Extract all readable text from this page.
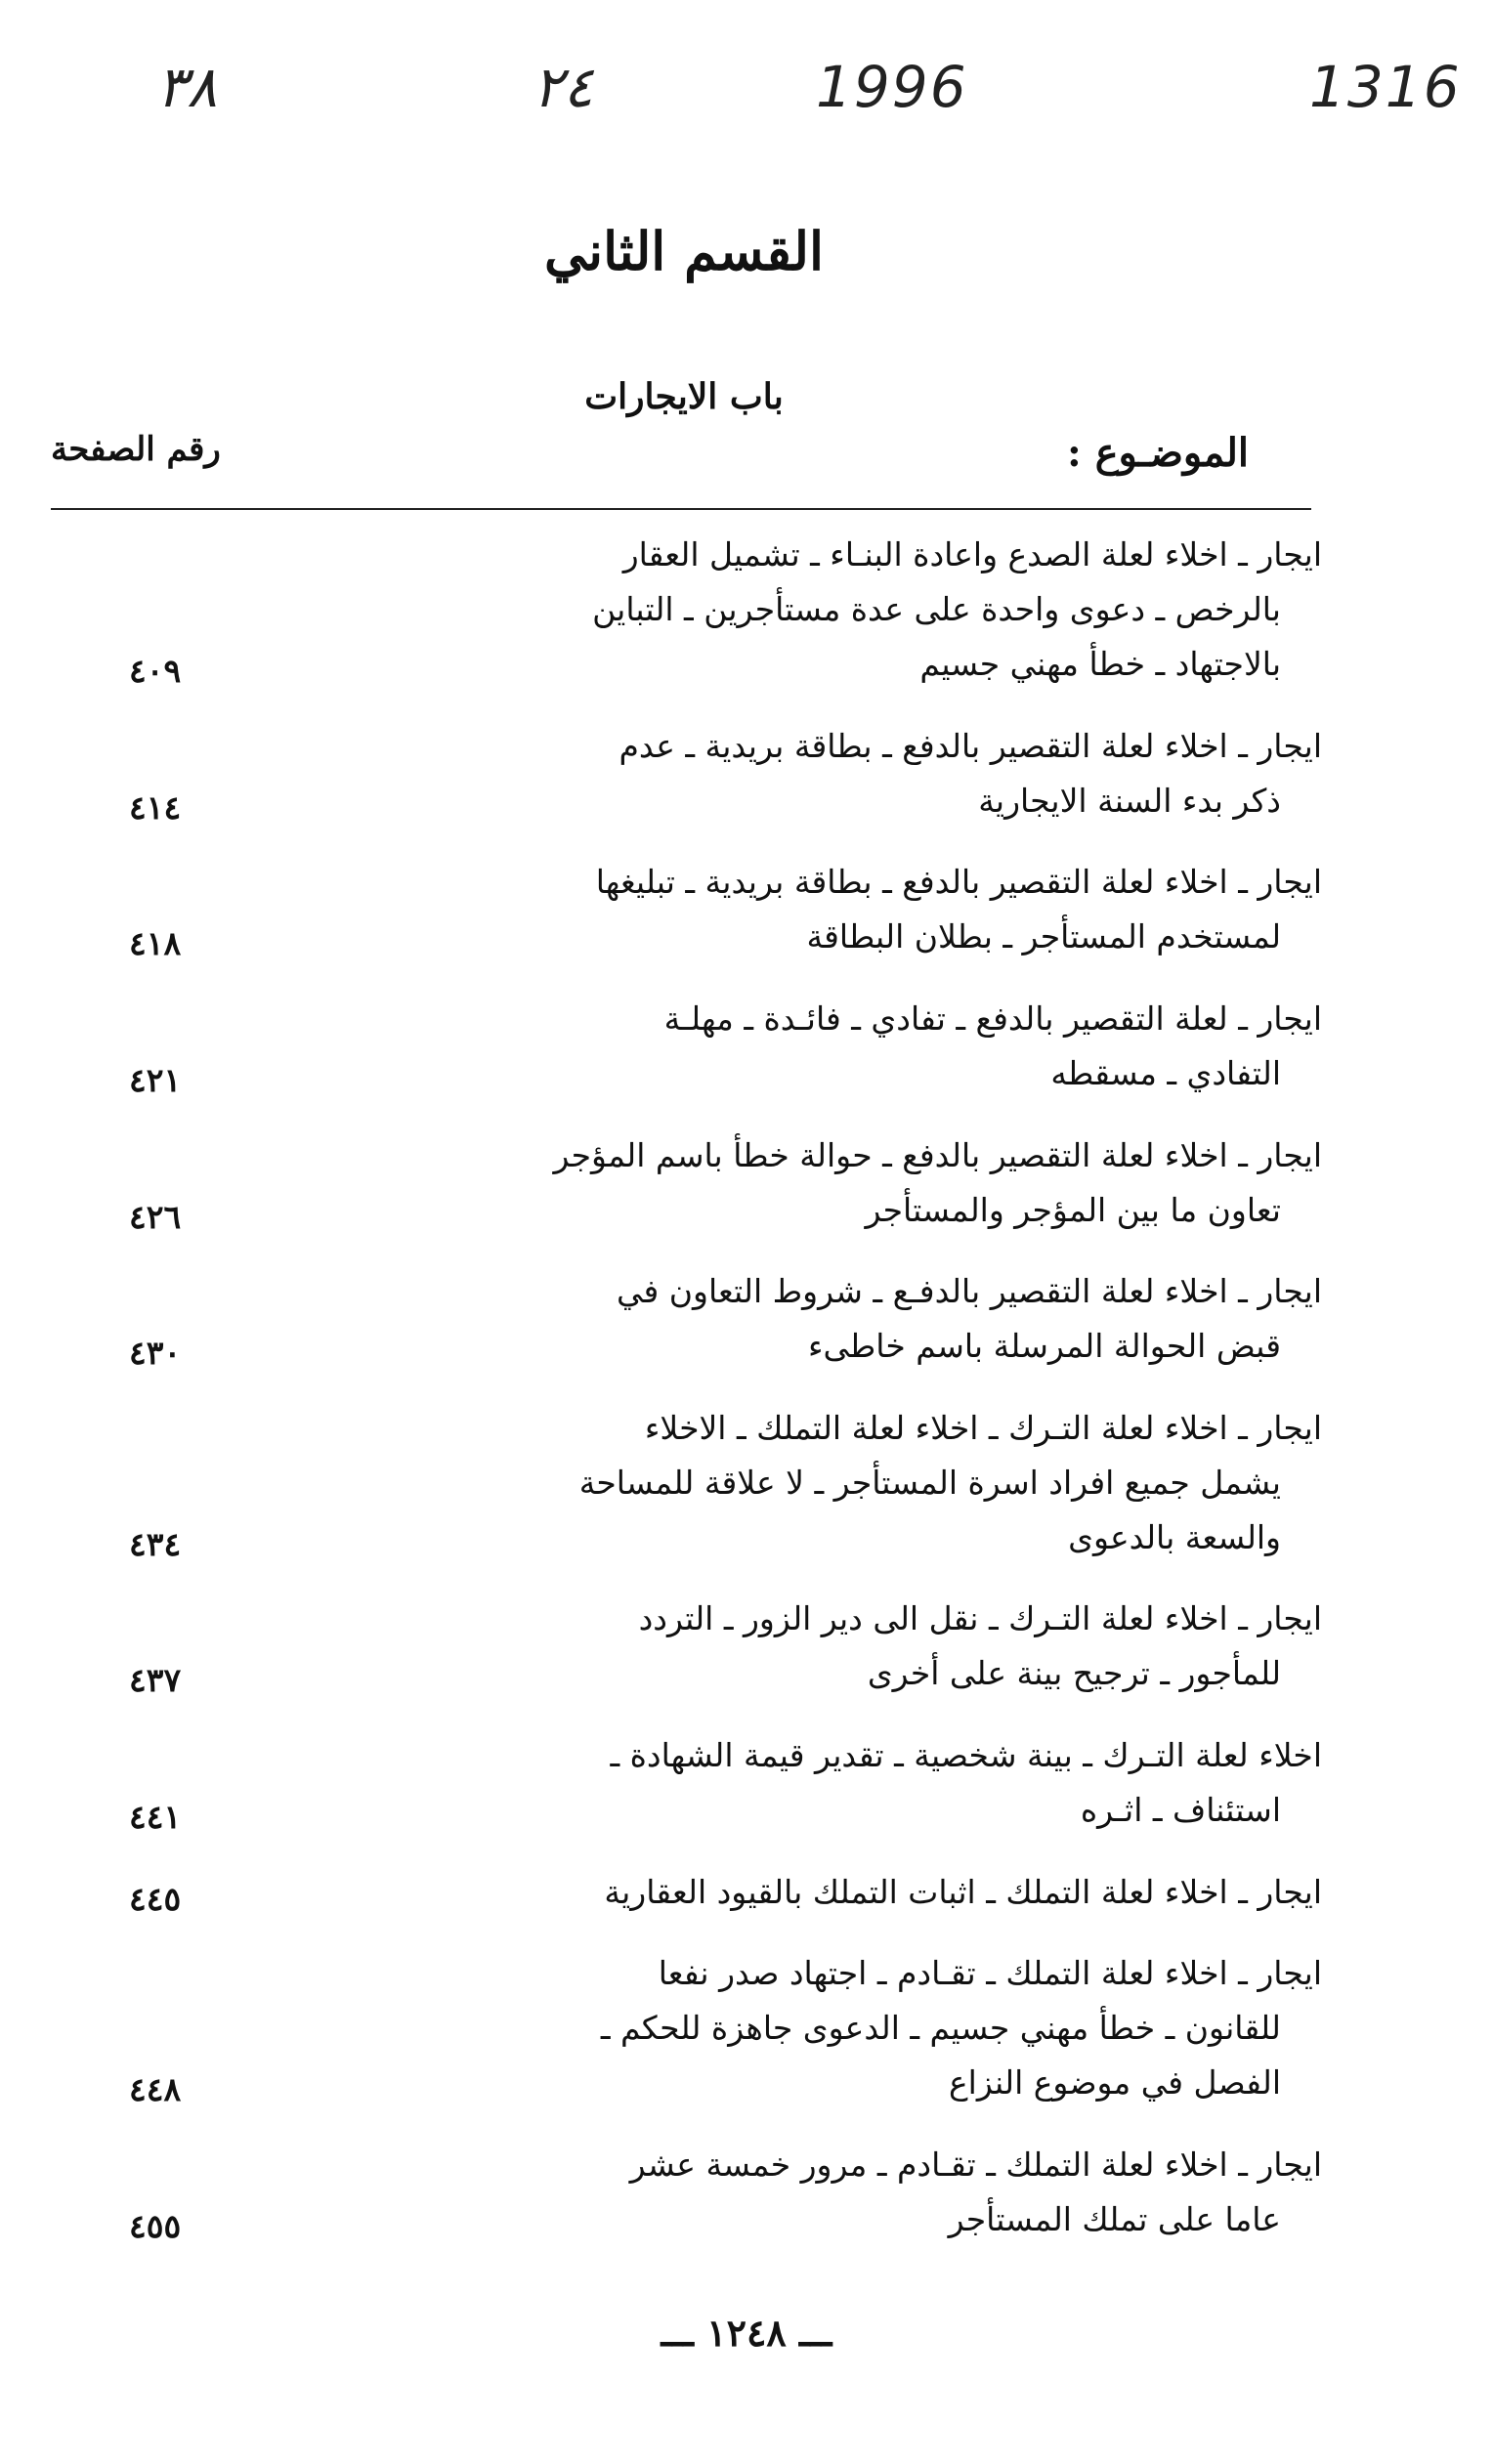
٣٨	٢٤	1996	1316
القسم الثاني
باب الايجارات
الموضـوع :
رقم الصفحة
ايجار ـ اخلاء لعلة الصدع واعادة البنـاء ـ تشميل العقار
بالرخص ـ دعوى واحدة على عدة مستأجرين ـ التباين
بالاجتهاد ـ خطأ مهني جسيم
٤٠٩
ايجار ـ اخلاء لعلة التقصير بالدفع ـ بطاقة بريدية ـ عدم
ذكر بدء السنة الايجارية
٤١٤
ايجار ـ اخلاء لعلة التقصير بالدفع ـ بطاقة بريدية ـ تبليغها
لمستخدم المستأجر ـ بطلان البطاقة
٤١٨
ايجار ـ لعلة التقصير بالدفع ـ تفادي ـ فائـدة ـ مهلـة
التفادي ـ مسقطه
٤٢١
ايجار ـ اخلاء لعلة التقصير بالدفع ـ حوالة خطأ باسم المؤجر
تعاون ما بين المؤجر والمستأجر
٤٢٦
ايجار ـ اخلاء لعلة التقصير بالدفـع ـ شروط التعاون في
قبض الحوالة المرسلة باسم خاطىء
٤٣٠
ايجار ـ اخلاء لعلة التـرك ـ اخلاء لعلة التملك ـ الاخلاء
يشمل جميع افراد اسرة المستأجر ـ لا علاقة للمساحة
والسعة بالدعوى
٤٣٤
ايجار ـ اخلاء لعلة التـرك ـ نقل الى دير الزور ـ التردد
للمأجور ـ ترجيح بينة على أخرى
٤٣٧
اخلاء لعلة التـرك ـ بينة شخصية ـ تقدير قيمة الشهادة ـ
استئناف ـ اثـره
٤٤١
ايجار ـ اخلاء لعلة التملك ـ اثبات التملك بالقيود العقارية
٤٤٥
ايجار ـ اخلاء لعلة التملك ـ تقـادم ـ اجتهاد صدر نفعا
للقانون ـ خطأ مهني جسيم ـ الدعوى جاهزة للحكم ـ
الفصل في موضوع النزاع
٤٤٨
ايجار ـ اخلاء لعلة التملك ـ تقـادم ـ مرور خمسة عشر
عاما على تملك المستأجر
٤٥٥
ـــ ١٢٤٨ ـــ
